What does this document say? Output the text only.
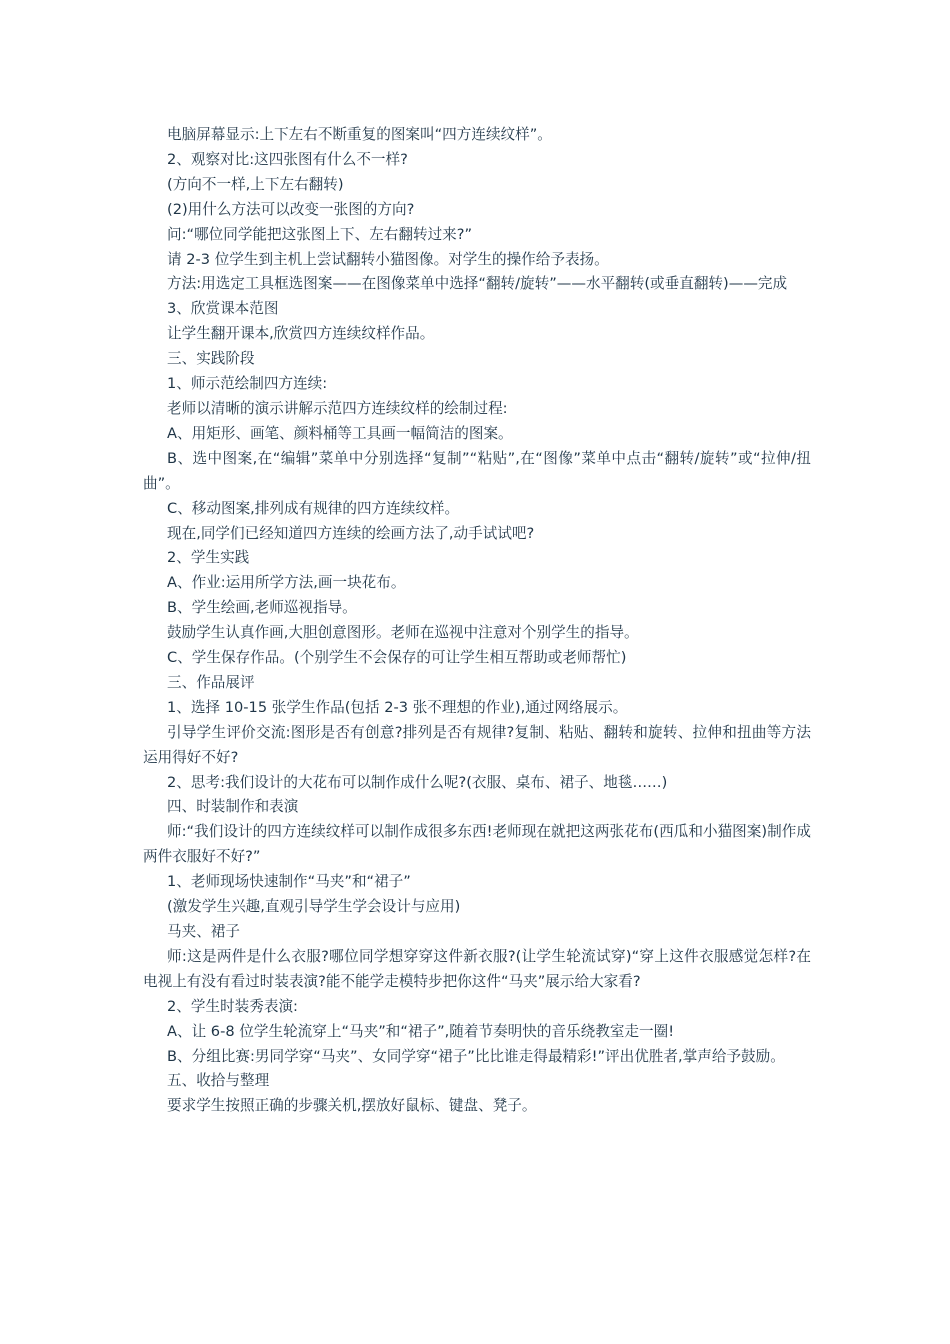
电脑屏幕显示:上下左右不断重复的图案叫“四方连续纹样”。

2、观察对比:这四张图有什么不一样?

(方向不一样,上下左右翻转)

(2)用什么方法可以改变一张图的方向?

问:“哪位同学能把这张图上下、左右翻转过来?”

请 2-3 位学生到主机上尝试翻转小猫图像。对学生的操作给予表扬。

方法:用选定工具框选图案——在图像菜单中选择“翻转/旋转”——水平翻转(或垂直翻转)——完成

3、欣赏课本范图

让学生翻开课本,欣赏四方连续纹样作品。

三、实践阶段

1、师示范绘制四方连续:

老师以清晰的演示讲解示范四方连续纹样的绘制过程:

A、用矩形、画笔、颜料桶等工具画一幅简洁的图案。

B、选中图案,在“编辑”菜单中分别选择“复制”“粘贴”,在“图像”菜单中点击“翻转/旋转”或“拉伸/扭曲”。

C、移动图案,排列成有规律的四方连续纹样。

现在,同学们已经知道四方连续的绘画方法了,动手试试吧?

2、学生实践

A、作业:运用所学方法,画一块花布。

B、学生绘画,老师巡视指导。

鼓励学生认真作画,大胆创意图形。老师在巡视中注意对个别学生的指导。

C、学生保存作品。(个别学生不会保存的可让学生相互帮助或老师帮忙)

三、作品展评

1、选择 10-15 张学生作品(包括 2-3 张不理想的作业),通过网络展示。

引导学生评价交流:图形是否有创意?排列是否有规律?复制、粘贴、翻转和旋转、拉伸和扭曲等方法运用得好不好?

2、思考:我们设计的大花布可以制作成什么呢?(衣服、桌布、裙子、地毯……)

四、时装制作和表演

师:“我们设计的四方连续纹样可以制作成很多东西!老师现在就把这两张花布(西瓜和小猫图案)制作成两件衣服好不好?”

1、老师现场快速制作“马夹”和“裙子”

(激发学生兴趣,直观引导学生学会设计与应用)

马夹、裙子

师:这是两件是什么衣服?哪位同学想穿穿这件新衣服?(让学生轮流试穿)“穿上这件衣服感觉怎样?在电视上有没有看过时装表演?能不能学走模特步把你这件“马夹”展示给大家看?

2、学生时装秀表演:

A、让 6-8 位学生轮流穿上“马夹”和“裙子”,随着节奏明快的音乐绕教室走一圈!

B、分组比赛:男同学穿“马夹”、女同学穿“裙子”比比谁走得最精彩!”评出优胜者,掌声给予鼓励。

五、收拾与整理

要求学生按照正确的步骤关机,摆放好鼠标、键盘、凳子。
